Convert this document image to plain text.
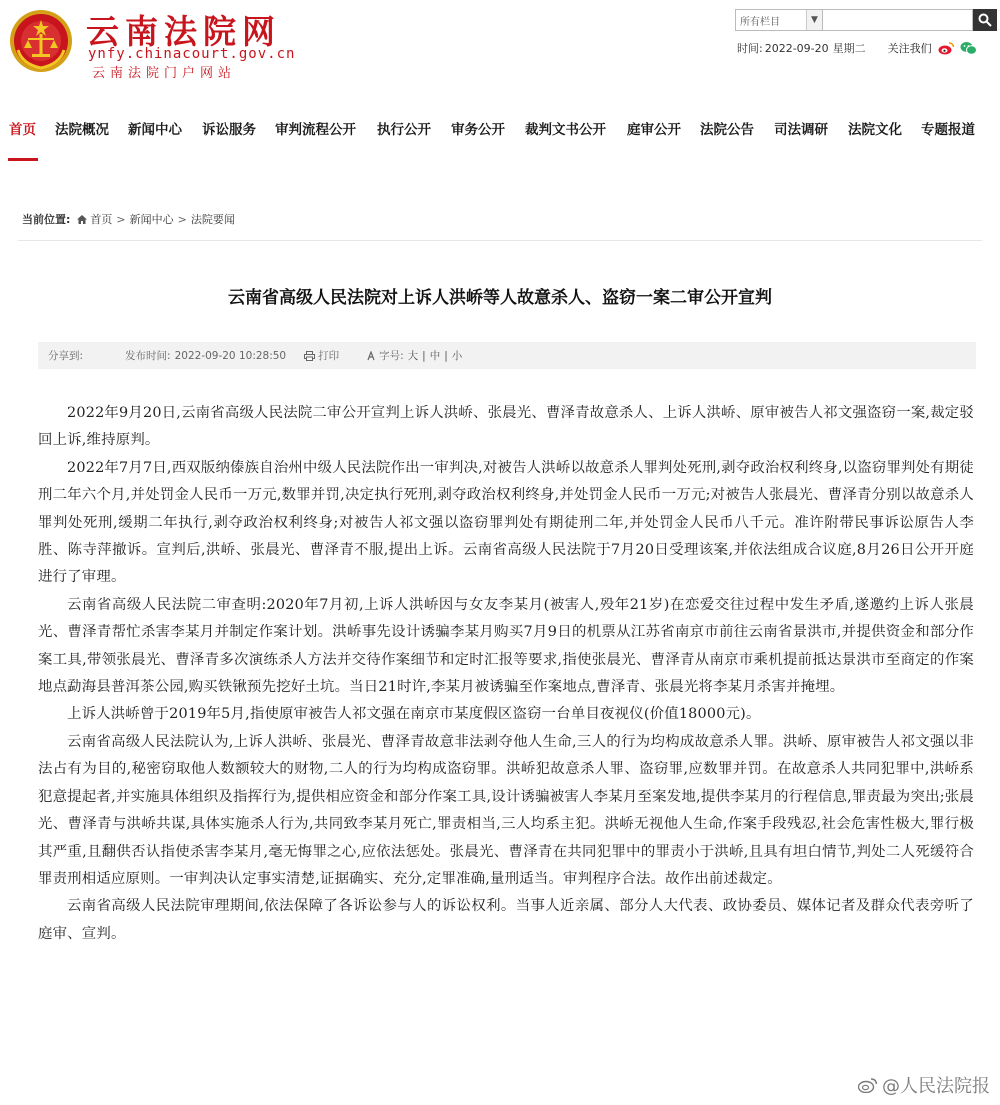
云南法院网
ynfy.chinacourt.gov.cn
云南法院门户网站
所有栏目	▼
时间: 2022-09-20 星期二 关注我们
首页 法院概况 新闻中心 诉讼服务 审判流程公开 执行公开 审务公开 裁判文书公开 庭审公开 法院公告 司法调研 法院文化 专题报道
当前位置: 首页 > 新闻中心 > 法院要闻
云南省高级人民法院对上诉人洪峤等人故意杀人、盗窃一案二审公开宣判
分享到:	发布时间: 2022-09-20 10:28:50	打印	字号: 大 | 中 | 小

2022年9月20日,云南省高级人民法院二审公开宣判上诉人洪峤、张晨光、曹泽青故意杀人、上诉人洪峤、原审被告人祁文强盗窃一案,裁定驳回上诉,维持原判。

2022年7月7日,西双版纳傣族自治州中级人民法院作出一审判决,对被告人洪峤以故意杀人罪判处死刑,剥夺政治权利终身,以盗窃罪判处有期徒刑二年六个月,并处罚金人民币一万元,数罪并罚,决定执行死刑,剥夺政治权利终身,并处罚金人民币一万元;对被告人张晨光、曹泽青分别以故意杀人罪判处死刑,缓期二年执行,剥夺政治权利终身;对被告人祁文强以盗窃罪判处有期徒刑二年,并处罚金人民币八千元。准许附带民事诉讼原告人李胜、陈寺萍撤诉。宣判后,洪峤、张晨光、曹泽青不服,提出上诉。云南省高级人民法院于7月20日受理该案,并依法组成合议庭,8月26日公开开庭进行了审理。

云南省高级人民法院二审查明:2020年7月初,上诉人洪峤因与女友李某月(被害人,殁年21岁)在恋爱交往过程中发生矛盾,遂邀约上诉人张晨光、曹泽青帮忙杀害李某月并制定作案计划。洪峤事先设计诱骗李某月购买7月9日的机票从江苏省南京市前往云南省景洪市,并提供资金和部分作案工具,带领张晨光、曹泽青多次演练杀人方法并交待作案细节和定时汇报等要求,指使张晨光、曹泽青从南京市乘机提前抵达景洪市至商定的作案地点勐海县普洱茶公园,购买铁锹预先挖好土坑。当日21时许,李某月被诱骗至作案地点,曹泽青、张晨光将李某月杀害并掩埋。

上诉人洪峤曾于2019年5月,指使原审被告人祁文强在南京市某度假区盗窃一台单目夜视仪(价值18000元)。

云南省高级人民法院认为,上诉人洪峤、张晨光、曹泽青故意非法剥夺他人生命,三人的行为均构成故意杀人罪。洪峤、原审被告人祁文强以非法占有为目的,秘密窃取他人数额较大的财物,二人的行为均构成盗窃罪。洪峤犯故意杀人罪、盗窃罪,应数罪并罚。在故意杀人共同犯罪中,洪峤系犯意提起者,并实施具体组织及指挥行为,提供相应资金和部分作案工具,设计诱骗被害人李某月至案发地,提供李某月的行程信息,罪责最为突出;张晨光、曹泽青与洪峤共谋,具体实施杀人行为,共同致李某月死亡,罪责相当,三人均系主犯。洪峤无视他人生命,作案手段残忍,社会危害性极大,罪行极其严重,且翻供否认指使杀害李某月,毫无悔罪之心,应依法惩处。张晨光、曹泽青在共同犯罪中的罪责小于洪峤,且具有坦白情节,判处二人死缓符合罪责刑相适应原则。一审判决认定事实清楚,证据确实、充分,定罪准确,量刑适当。审判程序合法。故作出前述裁定。

云南省高级人民法院审理期间,依法保障了各诉讼参与人的诉讼权利。当事人近亲属、部分人大代表、政协委员、媒体记者及群众代表旁听了庭审、宣判。

@人民法院报
